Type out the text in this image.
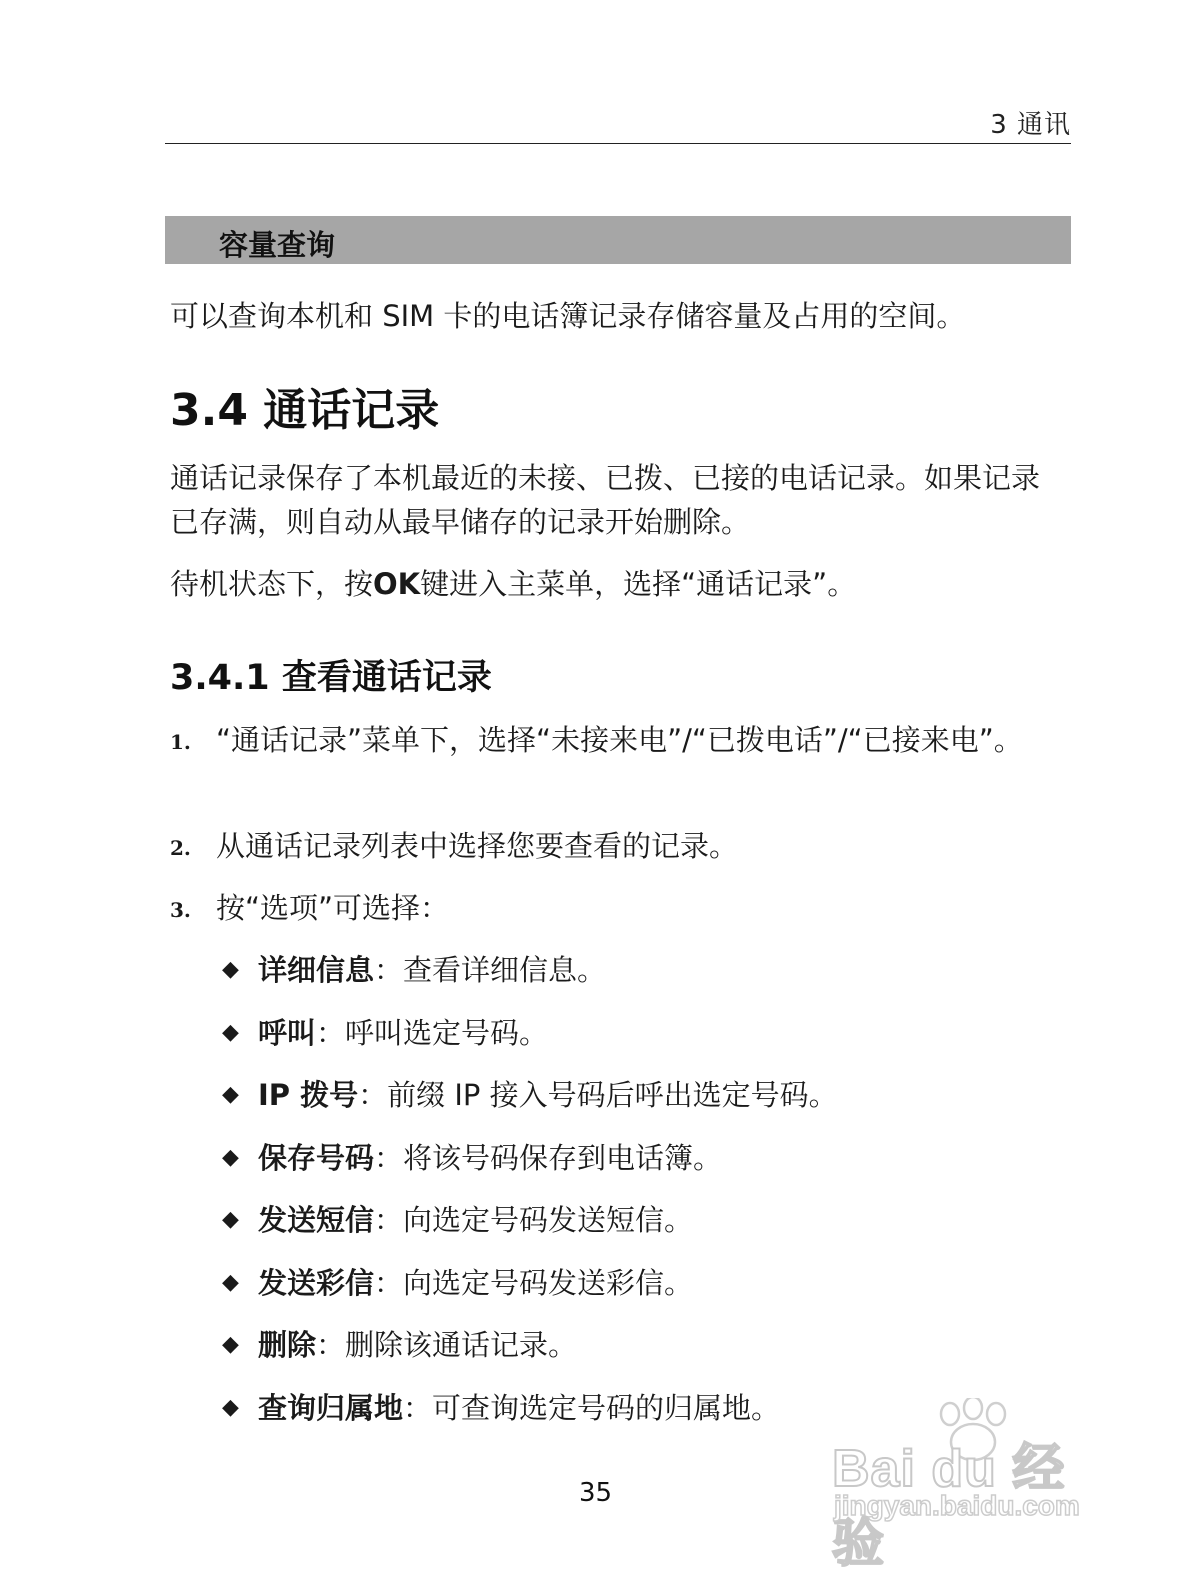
3 通讯
容量查询
可以查询本机和 SIM 卡的电话簿记录存储容量及占用的空间。
3.4 通话记录
通话记录保存了本机最近的未接、已拨、已接的电话记录。如果记录已存满，则自动从最早储存的记录开始删除。
待机状态下，按OK键进入主菜单，选择“通话记录”。
3.4.1 查看通话记录
1. “通话记录”菜单下，选择“未接来电”/“已拨电话”/“已接来电”。
2. 从通话记录列表中选择您要查看的记录。
3. 按“选项”可选择：
◆ 详细信息：查看详细信息。
◆ 呼叫：呼叫选定号码。
◆ IP 拨号：前缀 IP 接入号码后呼出选定号码。
◆ 保存号码：将该号码保存到电话簿。
◆ 发送短信：向选定号码发送短信。
◆ 发送彩信：向选定号码发送彩信。
◆ 删除：删除该通话记录。
◆ 查询归属地：可查询选定号码的归属地。
35	Bai du 经验
jingyan.baidu.com
